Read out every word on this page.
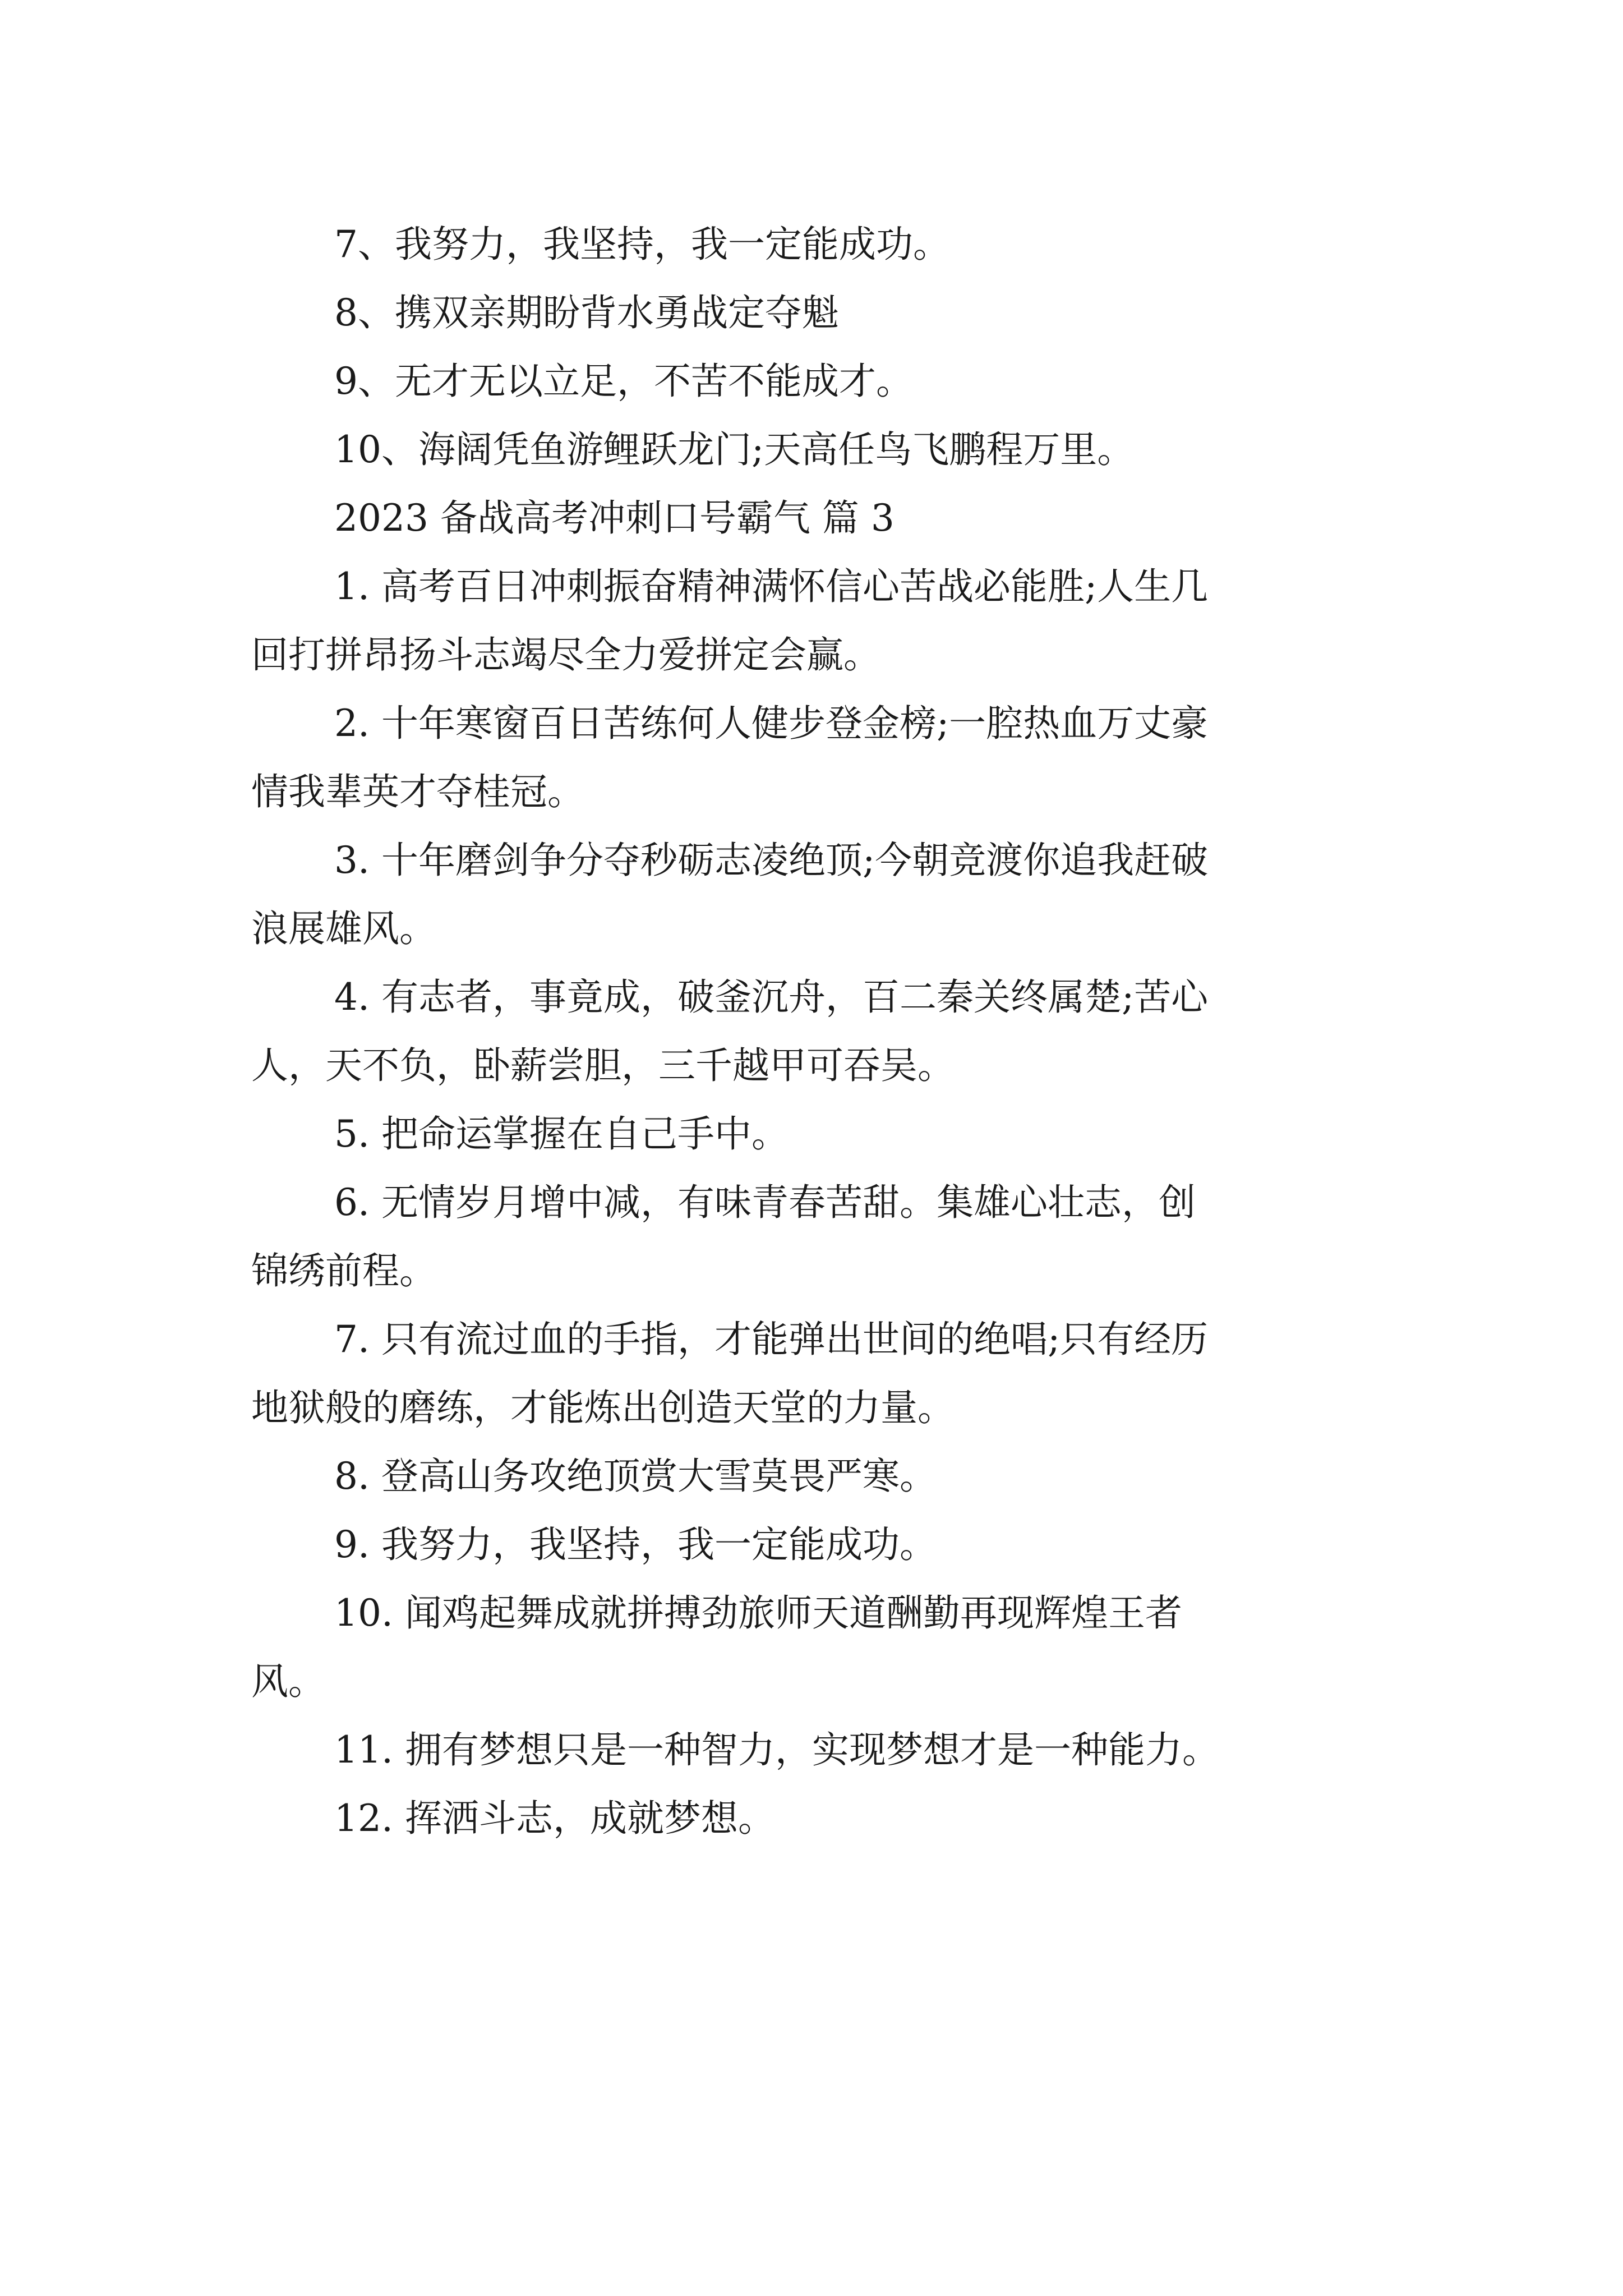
7、我努力，我坚持，我一定能成功。
8、携双亲期盼背水勇战定夺魁
9、无才无以立足，不苦不能成才。
10、海阔凭鱼游鲤跃龙门;天高任鸟飞鹏程万里。
2023 备战高考冲刺口号霸气 篇 3
1. 高考百日冲刺振奋精神满怀信心苦战必能胜;人生几
回打拼昂扬斗志竭尽全力爱拼定会赢。
2. 十年寒窗百日苦练何人健步登金榜;一腔热血万丈豪
情我辈英才夺桂冠。
3. 十年磨剑争分夺秒砺志凌绝顶;今朝竞渡你追我赶破
浪展雄风。
4. 有志者，事竟成，破釜沉舟，百二秦关终属楚;苦心
人，天不负，卧薪尝胆，三千越甲可吞吴。
5. 把命运掌握在自己手中。
6. 无情岁月增中减，有味青春苦甜。集雄心壮志，创
锦绣前程。
7. 只有流过血的手指，才能弹出世间的绝唱;只有经历
地狱般的磨练，才能炼出创造天堂的力量。
8. 登高山务攻绝顶赏大雪莫畏严寒。
9. 我努力，我坚持，我一定能成功。
10. 闻鸡起舞成就拼搏劲旅师天道酬勤再现辉煌王者
风。
11. 拥有梦想只是一种智力，实现梦想才是一种能力。
12. 挥洒斗志，成就梦想。
